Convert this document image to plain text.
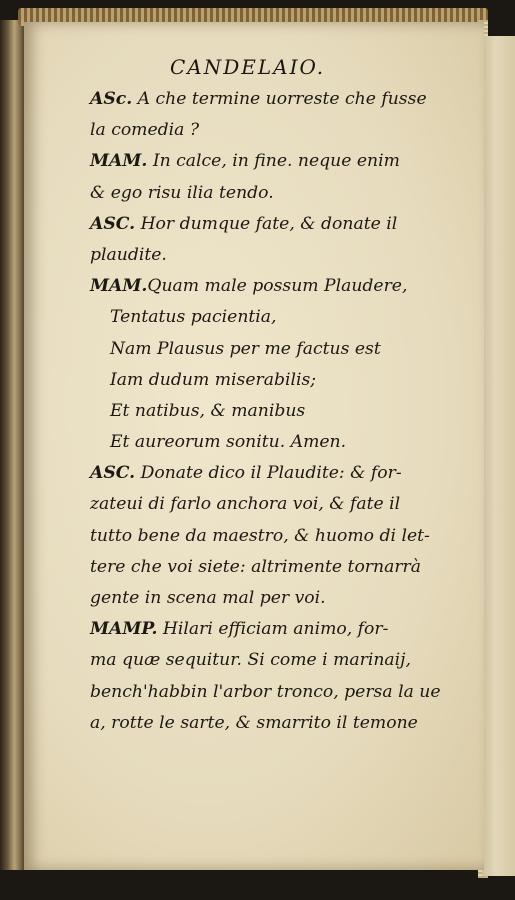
CANDELAIO.
ASc. A che termine uorreste che fusse
la comedia ?
MAM. In calce, in fine. neque enim
& ego risu ilia tendo.
ASC. Hor dumque fate, & donate il
plaudite.
MAM.Quam male possum Plaudere,
Tentatus pacientia,
Nam Plausus per me factus est
Iam dudum miserabilis;
Et natibus, & manibus
Et aureorum sonitu. Amen.
ASC. Donate dico il Plaudite: & for-
zateui di farlo anchora voi, & fate il
tutto bene da maestro, & huomo di let-
tere che voi siete: altrimente tornarrà
gente in scena mal per voi.
MAMP. Hilari efficiam animo, for-
ma quæ sequitur. Si come i marinaij,
bench'habbin l'arbor tronco, persa la ue
a, rotte le sarte, & smarrito il temone
